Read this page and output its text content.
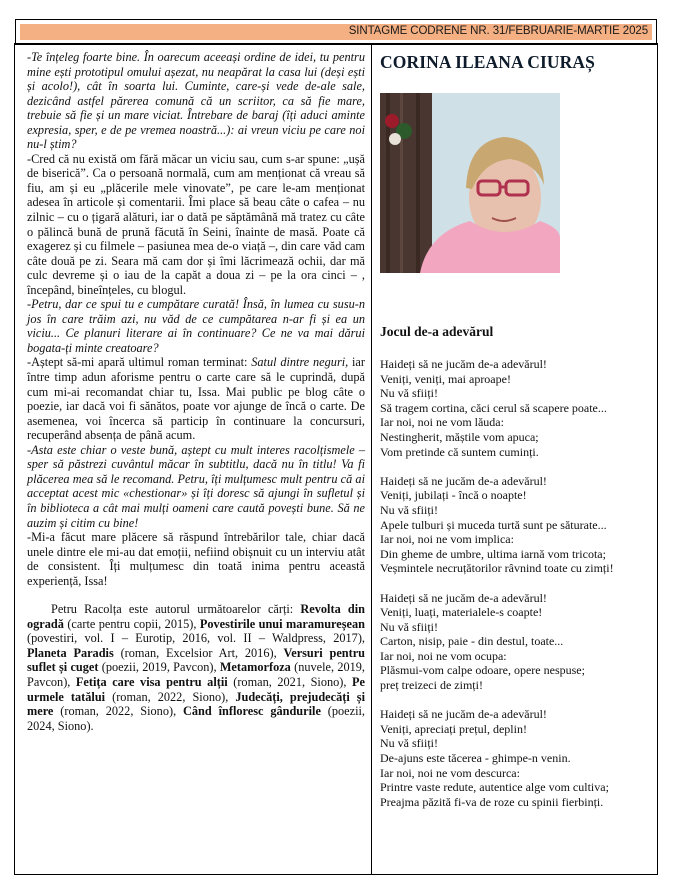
SINTAGME CODRENE NR. 31/FEBRUARIE-MARTIE 2025

-Te înțeleg foarte bine. În oarecum aceeași ordine de idei, tu pentru mine ești prototipul omului așezat, nu neapărat la casa lui (deși ești și acolo!), cât în soarta lui. Cuminte, care-și vede de-ale sale, dezicând astfel părerea comună că un scriitor, ca să fie mare, trebuie să fie și un mare viciat. Întrebare de baraj (îți aduci aminte expresia, sper, e de pe vremea noastră...): ai vreun viciu pe care noi nu-l știm?

-Cred că nu există om fără măcar un viciu sau, cum s-ar spune: „ușă de biserică”. Ca o persoană normală, cum am menționat că vreau să fiu, am și eu „plăcerile mele vinovate”, pe care le-am menționat adesea în articole și comentarii. Îmi place să beau câte o cafea – nu zilnic – cu o țigară alături, iar o dată pe săptămână mă tratez cu câte o pălincă bună de prună făcută în Seini, înainte de masă. Poate că exagerez și cu filmele – pasiunea mea de-o viață –, din care văd cam câte două pe zi. Seara mă cam dor și îmi lăcrimează ochii, dar mă culc devreme și o iau de la capăt a doua zi – pe la ora cinci – , începând, bineînțeles, cu blogul.

-Petru, dar ce spui tu e cumpătare curată! Însă, în lumea cu susu-n jos în care trăim azi, nu văd de ce cumpătarea n-ar fi și ea un viciu... Ce planuri literare ai în continuare? Ce ne va mai dărui bogata-ți minte creatoare?

-Aștept să-mi apară ultimul roman terminat: Satul dintre neguri, iar între timp adun aforisme pentru o carte care să le cuprindă, după cum mi-ai recomandat chiar tu, Issa. Mai public pe blog câte o poezie, iar dacă voi fi sănătos, poate vor ajunge de încă o carte. De asemenea, voi încerca să particip în continuare la concursuri, recuperând absența de până acum.

-Asta este chiar o veste bună, aștept cu mult interes racolțismele – sper să păstrezi cuvântul măcar în subtitlu, dacă nu în titlu! Va fi plăcerea mea să le recomand. Petru, îți mulțumesc mult pentru că ai acceptat acest mic «chestionar» și îți doresc să ajungi în sufletul și în biblioteca a cât mai mulți oameni care caută povești bune. Să ne auzim și citim cu bine!

-Mi-a făcut mare plăcere să răspund întrebărilor tale, chiar dacă unele dintre ele mi-au dat emoții, nefiind obișnuit cu un interviu atât de consistent. Îți mulțumesc din toată inima pentru această experiență, Issa!

Petru Racolța este autorul următoarelor cărți: Revolta din ogradă (carte pentru copii, 2015), Povestirile unui maramureșean (povestiri, vol. I – Eurotip, 2016, vol. II – Waldpress, 2017), Planeta Paradis (roman, Excelsior Art, 2016), Versuri pentru suflet și cuget (poezii, 2019, Pavcon), Metamorfoza (nuvele, 2019, Pavcon), Fetița care visa pentru alții (roman, 2021, Siono), Pe urmele tatălui (roman, 2022, Siono), Judecăți, prejudecăți și mere (roman, 2022, Siono), Când înfloresc gândurile (poezii, 2024, Siono).

CORINA ILEANA CIURAȘ
Jocul de-a adevărul
Haideți să ne jucăm de-a adevărul!
Veniți, veniți, mai aproape!
Nu vă sfiiți!
Să tragem cortina, căci cerul să scapere poate...
Iar noi, noi ne vom lăuda:
Nestingherit, măștile vom apuca;
Vom pretinde că suntem cuminți.
Haideți să ne jucăm de-a adevărul!
Veniți, jubilați - încă o noapte!
Nu vă sfiiți!
Apele tulburi și muceda turtă sunt pe săturate...
Iar noi, noi ne vom implica:
Din gheme de umbre, ultima iarnă vom tricota;
Veșmintele necruțătorilor râvnind toate cu zimți!
Haideți să ne jucăm de-a adevărul!
Veniți, luați, materialele-s coapte!
Nu vă sfiiți!
Carton, nisip, paie - din destul, toate...
Iar noi, noi ne vom ocupa:
Plăsmui-vom calpe odoare, opere nespuse;
preț treizeci de zimți!
Haideți să ne jucăm de-a adevărul!
Veniți, apreciați prețul, deplin!
Nu vă sfiiți!
De-ajuns este tăcerea - ghimpe-n venin.
Iar noi, noi ne vom descurca:
Printre vaste redute, autentice alge vom cultiva;
Preajma păzită fi-va de roze cu spinii fierbinți.
